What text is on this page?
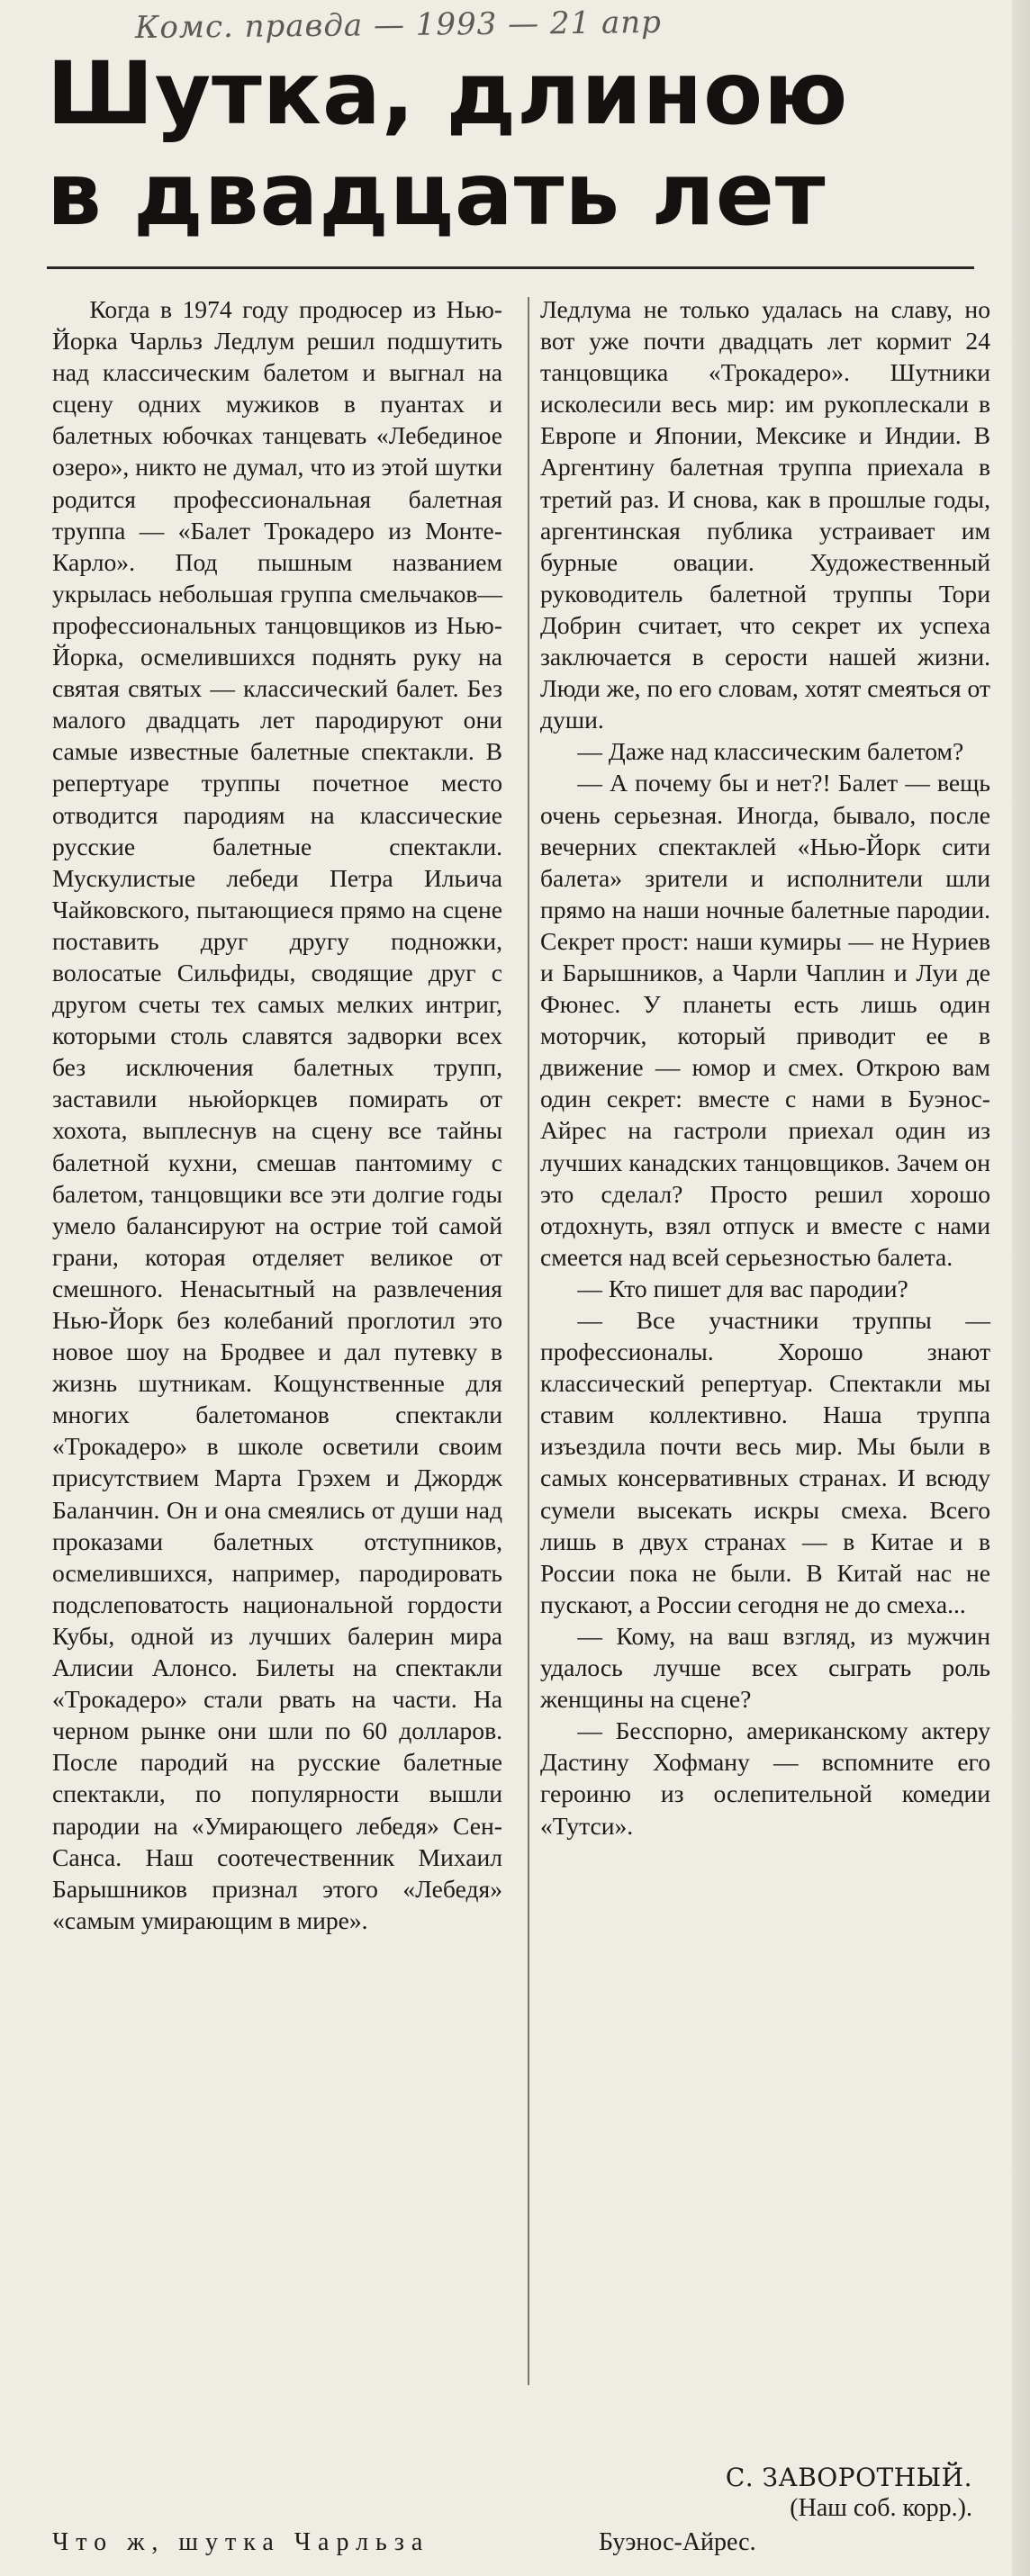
Комс. правда — 1993 — 21 апр
Шутка, длиною в двадцать лет

Когда в 1974 году продюсер из Нью-Йорка Чарльз Ледлум решил подшутить над классическим балетом и выгнал на сцену одних мужиков в пуантах и балетных юбочках танцевать «Лебединое озеро», никто не думал, что из этой шутки родится профессиональная балетная труппа — «Балет Трокадеро из Монте-Карло». Под пышным названием укрылась небольшая группа смельчаков—профессиональных танцовщиков из Нью-Йорка, осмелившихся поднять руку на святая святых — классический балет. Без малого двадцать лет пародируют они самые известные балетные спектакли. В репертуаре труппы почетное место отводится пародиям на классические русские балетные спектакли. Мускулистые лебеди Петра Ильича Чайковского, пытающиеся прямо на сцене поставить друг другу подножки, волосатые Сильфиды, сводящие друг с другом счеты тех самых мелких интриг, которыми столь славятся задворки всех без исключения балетных трупп, заставили ньюйоркцев помирать от хохота, выплеснув на сцену все тайны балетной кухни, смешав пантомиму с балетом, танцовщики все эти долгие годы умело балансируют на острие той самой грани, которая отделяет великое от смешного. Ненасытный на развлечения Нью-Йорк без колебаний проглотил это новое шоу на Бродвее и дал путевку в жизнь шутникам. Кощунственные для многих балетоманов спектакли «Трокадеро» в школе осветили своим присутствием Марта Грэхем и Джордж Баланчин. Он и она смеялись от души над проказами балетных отступников, осмелившихся, например, пародировать подслеповатость национальной гордости Кубы, одной из лучших балерин мира Алисии Алонсо. Билеты на спектакли «Трокадеро» стали рвать на части. На черном рынке они шли по 60 долларов. После пародий на русские балетные спектакли, по популярности вышли пародии на «Умирающего лебедя» Сен-Санса. Наш соотечественник Михаил Барышников признал этого «Лебедя» «самым умирающим в мире».

Ледлума не только удалась на славу, но вот уже почти двадцать лет кормит 24 танцовщика «Трокадеро». Шутники исколесили весь мир: им рукоплескали в Европе и Японии, Мексике и Индии. В Аргентину балетная труппа приехала в третий раз. И снова, как в прошлые годы, аргентинская публика устраивает им бурные овации. Художественный руководитель балетной труппы Тори Добрин считает, что секрет их успеха заключается в серости нашей жизни. Люди же, по его словам, хотят смеяться от души.

— Даже над классическим балетом?

— А почему бы и нет?! Балет — вещь очень серьезная. Иногда, бывало, после вечерних спектаклей «Нью-Йорк сити балета» зрители и исполнители шли прямо на наши ночные балетные пародии. Секрет прост: наши кумиры — не Нуриев и Барышников, а Чарли Чаплин и Луи де Фюнес. У планеты есть лишь один моторчик, который приводит ее в движение — юмор и смех. Открою вам один секрет: вместе с нами в Буэнос-Айрес на гастроли приехал один из лучших канадских танцовщиков. Зачем он это сделал? Просто решил хорошо отдохнуть, взял отпуск и вместе с нами смеется над всей серьезностью балета.

— Кто пишет для вас пародии?

— Все участники труппы — профессионалы. Хорошо знают классический репертуар. Спектакли мы ставим коллективно. Наша труппа изъездила почти весь мир. Мы были в самых консервативных странах. И всюду сумели высекать искры смеха. Всего лишь в двух странах — в Китае и в России пока не были. В Китай нас не пускают, а России сегодня не до смеха...

— Кому, на ваш взгляд, из мужчин удалось лучше всех сыграть роль женщины на сцене?

— Бесспорно, американскому актеру Дастину Хофману — вспомните его героиню из ослепительной комедии «Тутси».

С. ЗАВОРОТНЫЙ.
(Наш соб. корр.).
Что ж, шутка Чарльза	Буэнос-Айрес.
